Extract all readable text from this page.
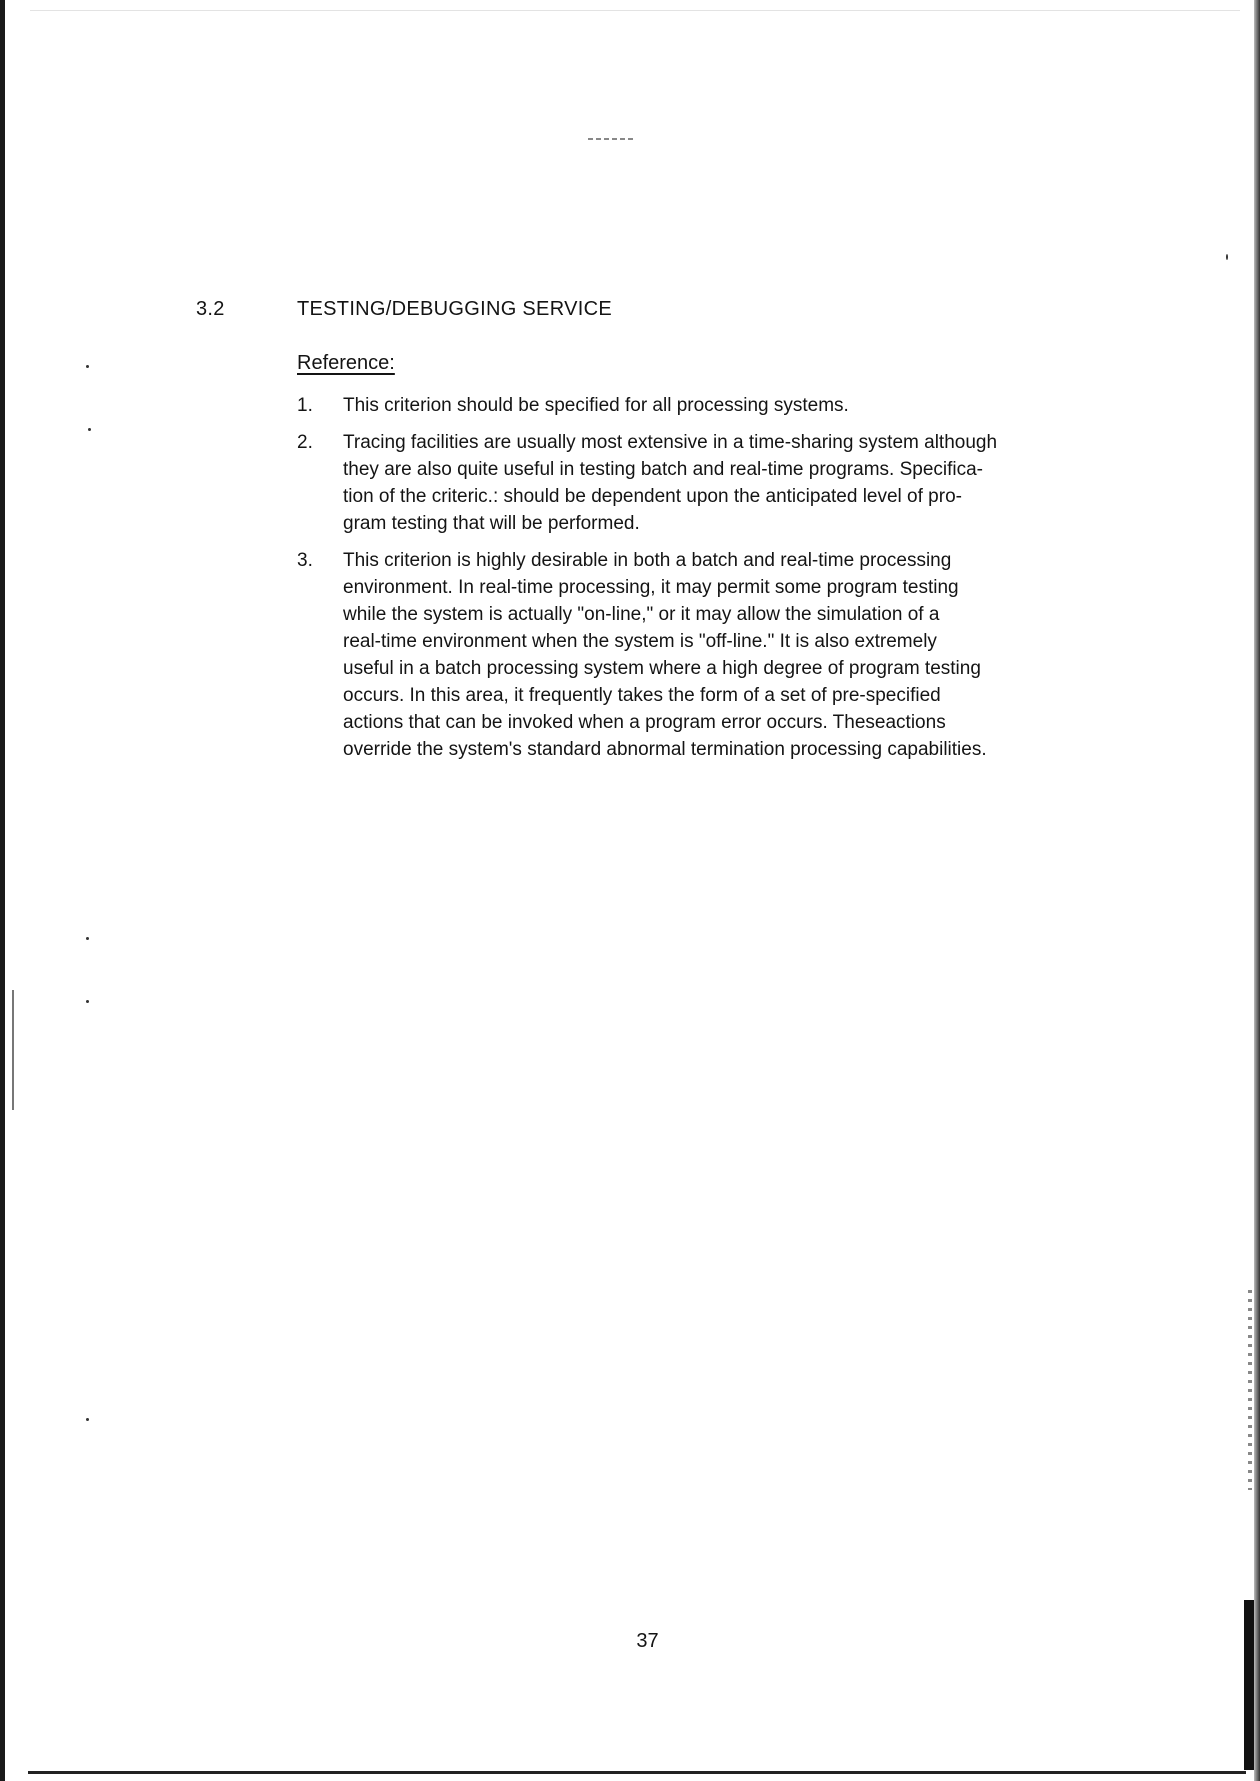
3.2	TESTING/DEBUGGING SERVICE
Reference:
1. This criterion should be specified for all processing systems.
2. Tracing facilities are usually most extensive in a time-sharing system although
they are also quite useful in testing batch and real-time programs. Specifica-
tion of the criteric.: should be dependent upon the anticipated level of pro-
gram testing that will be performed.
3. This criterion is highly desirable in both a batch and real-time processing
environment. In real-time processing, it may permit some program testing
while the system is actually "on-line," or it may allow the simulation of a
real-time environment when the system is "off-line." It is also extremely
useful in a batch processing system where a high degree of program testing
occurs. In this area, it frequently takes the form of a set of pre-specified
actions that can be invoked when a program error occurs. Theseactions
override the system's standard abnormal termination processing capabilities.
37
